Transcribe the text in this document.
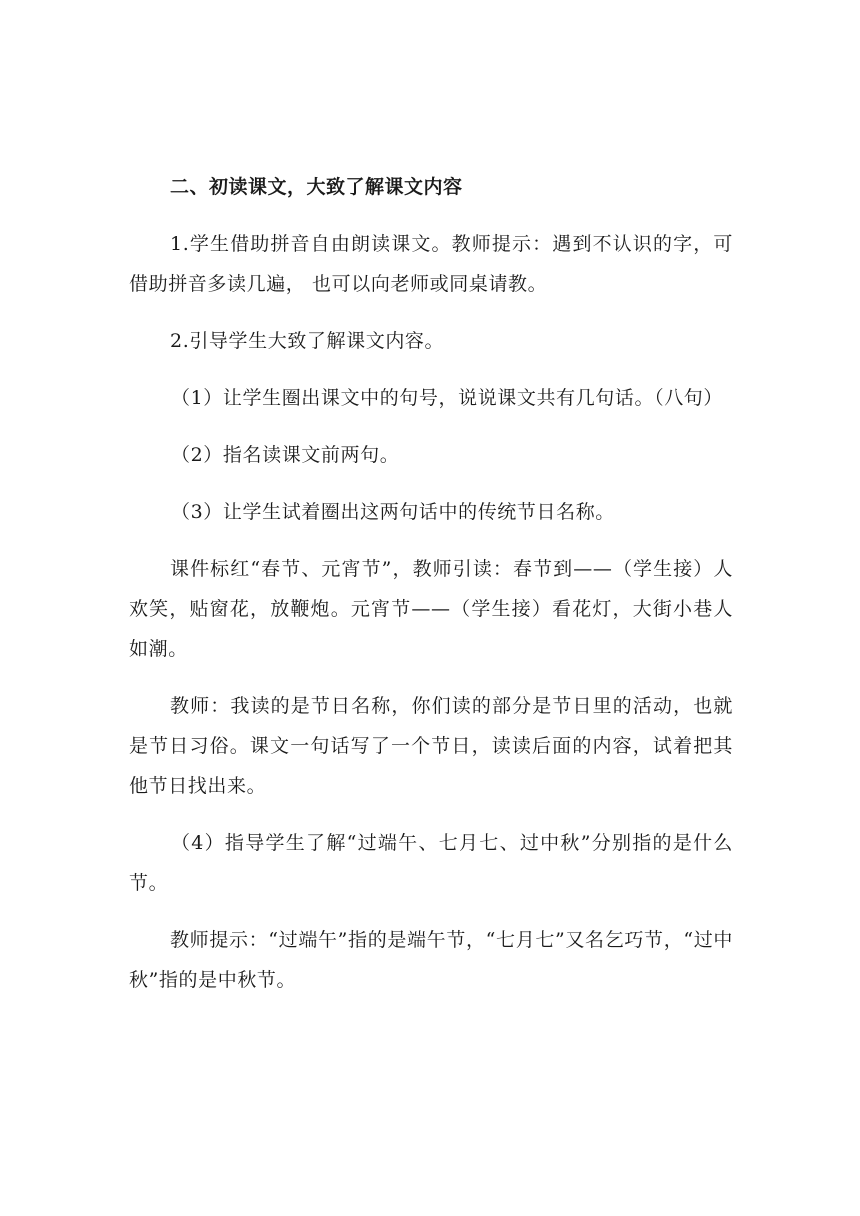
二、初读课文，大致了解课文内容

1.学生借助拼音自由朗读课文。教师提示：遇到不认识的字，可借助拼音多读几遍， 也可以向老师或同桌请教。

2.引导学生大致了解课文内容。

（1）让学生圈出课文中的句号，说说课文共有几句话。（八句）

（2）指名读课文前两句。

（3）让学生试着圈出这两句话中的传统节日名称。

课件标红“春节、元宵节”，教师引读：春节到——（学生接）人欢笑，贴窗花，放鞭炮。元宵节——（学生接）看花灯，大街小巷人如潮。

教师：我读的是节日名称，你们读的部分是节日里的活动，也就是节日习俗。课文一句话写了一个节日，读读后面的内容，试着把其他节日找出来。

（4）指导学生了解“过端午、七月七、过中秋”分别指的是什么节。

教师提示：“过端午”指的是端午节，“七月七”又名乞巧节，“过中秋”指的是中秋节。
